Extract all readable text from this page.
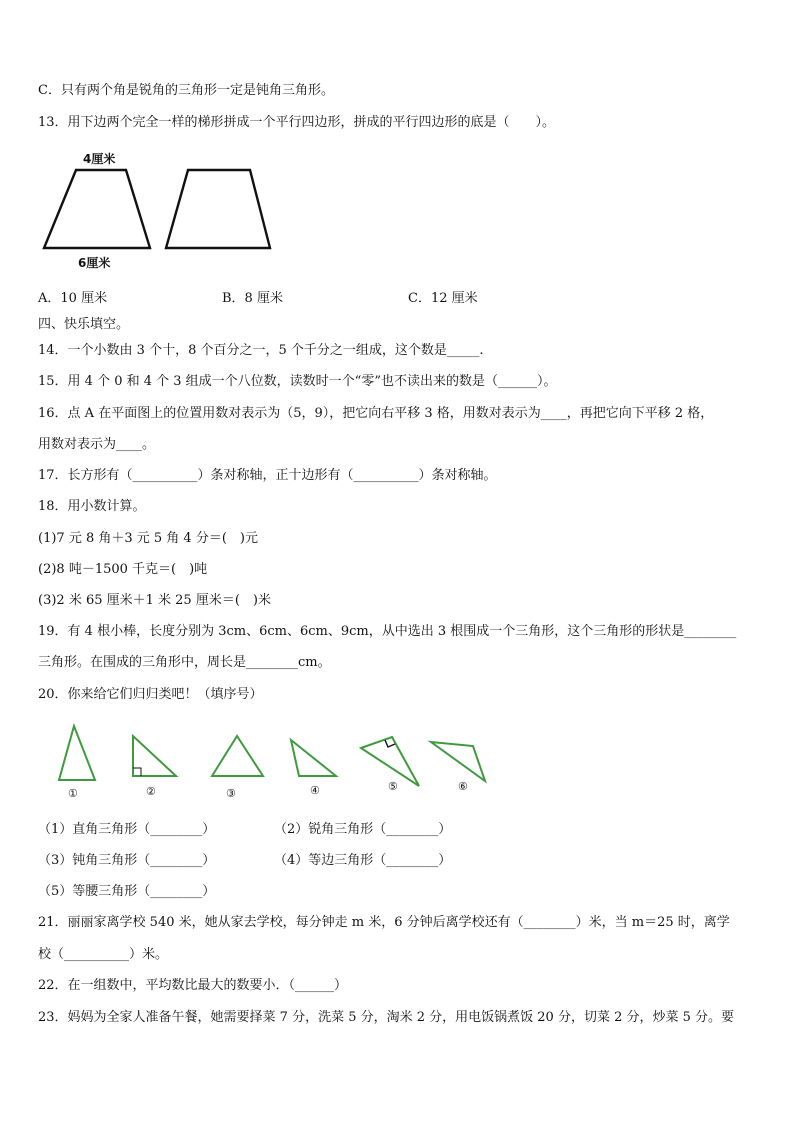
C．只有两个角是锐角的三角形一定是钝角三角形。
13．用下边两个完全一样的梯形拼成一个平行四边形，拼成的平行四边形的底是（　　）。
4厘米
6厘米
A．10 厘米	B．8 厘米	C．12 厘米
四、快乐填空。
14．一个小数由 3 个十，8 个百分之一，5 个千分之一组成，这个数是_____.
15．用 4 个 0 和 4 个 3 组成一个八位数，读数时一个“零”也不读出来的数是（______）。
16．点 A 在平面图上的位置用数对表示为（5，9），把它向右平移 3 格，用数对表示为____，再把它向下平移 2 格，
用数对表示为____。
17．长方形有（__________）条对称轴，正十边形有（__________）条对称轴。
18．用小数计算。
(1)7 元 8 角＋3 元 5 角 4 分＝(　)元
(2)8 吨－1500 千克＝(　)吨
(3)2 米 65 厘米＋1 米 25 厘米＝(　)米
19．有 4 根小棒，长度分别为 3cm、6cm、6cm、9cm，从中选出 3 根围成一个三角形，这个三角形的形状是________
三角形。在围成的三角形中，周长是________cm。
20．你来给它们归归类吧！（填序号）
①	②	③	④	⑤	⑥
（1）直角三角形（________）	（2）锐角三角形（________）
（3）钝角三角形（________）	（4）等边三角形（________）
（5）等腰三角形（________）
21．丽丽家离学校 540 米，她从家去学校，每分钟走 m 米，6 分钟后离学校还有（________）米，当 m＝25 时，离学
校（__________）米。
22．在一组数中，平均数比最大的数要小．（______）
23．妈妈为全家人准备午餐，她需要择菜 7 分，洗菜 5 分，淘米 2 分，用电饭锅煮饭 20 分，切菜 2 分，炒菜 5 分。要
